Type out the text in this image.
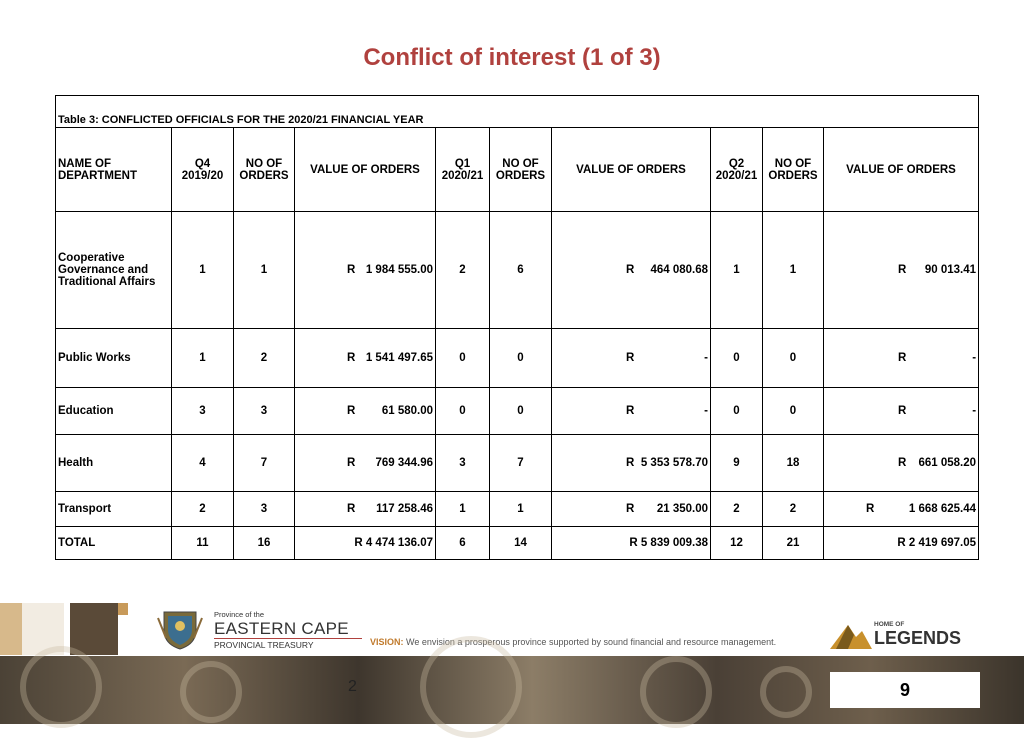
Conflict of interest (1 of 3)
Table 3: CONFLICTED OFFICIALS FOR THE 2020/21 FINANCIAL YEAR									
NAME OF DEPARTMENT	Q4 2019/20	NO OF ORDERS	VALUE OF ORDERS	Q1 2020/21	NO OF ORDERS	VALUE OF ORDERS	Q2 2020/21	NO OF ORDERS	VALUE OF ORDERS
Cooperative Governance and Traditional Affairs	1	1	R 1 984 555.00	2	6	R 464 080.68	1	1	R 90 013.41

Public Works	1	2	R 1 541 497.65	0	0	R -	0	0	R -

Education	3	3	R 61 580.00	0	0	R -	0	0	R -

Health	4	7	R 769 344.96	3	7	R 5 353 578.70	9	18	R 661 058.20

Transport	2	3	R 117 258.46	1	1	R 21 350.00	2	2	R 1 668 625.44

TOTAL	11	16	R 4 474 136.07	6	14	R 5 839 009.38	12	21	R 2 419 697.05
Province of the
EASTERN CAPE
PROVINCIAL TREASURY	VISION: We envision a prosperous province supported by sound financial and resource management.
HOME OF
LEGENDS
2	9
